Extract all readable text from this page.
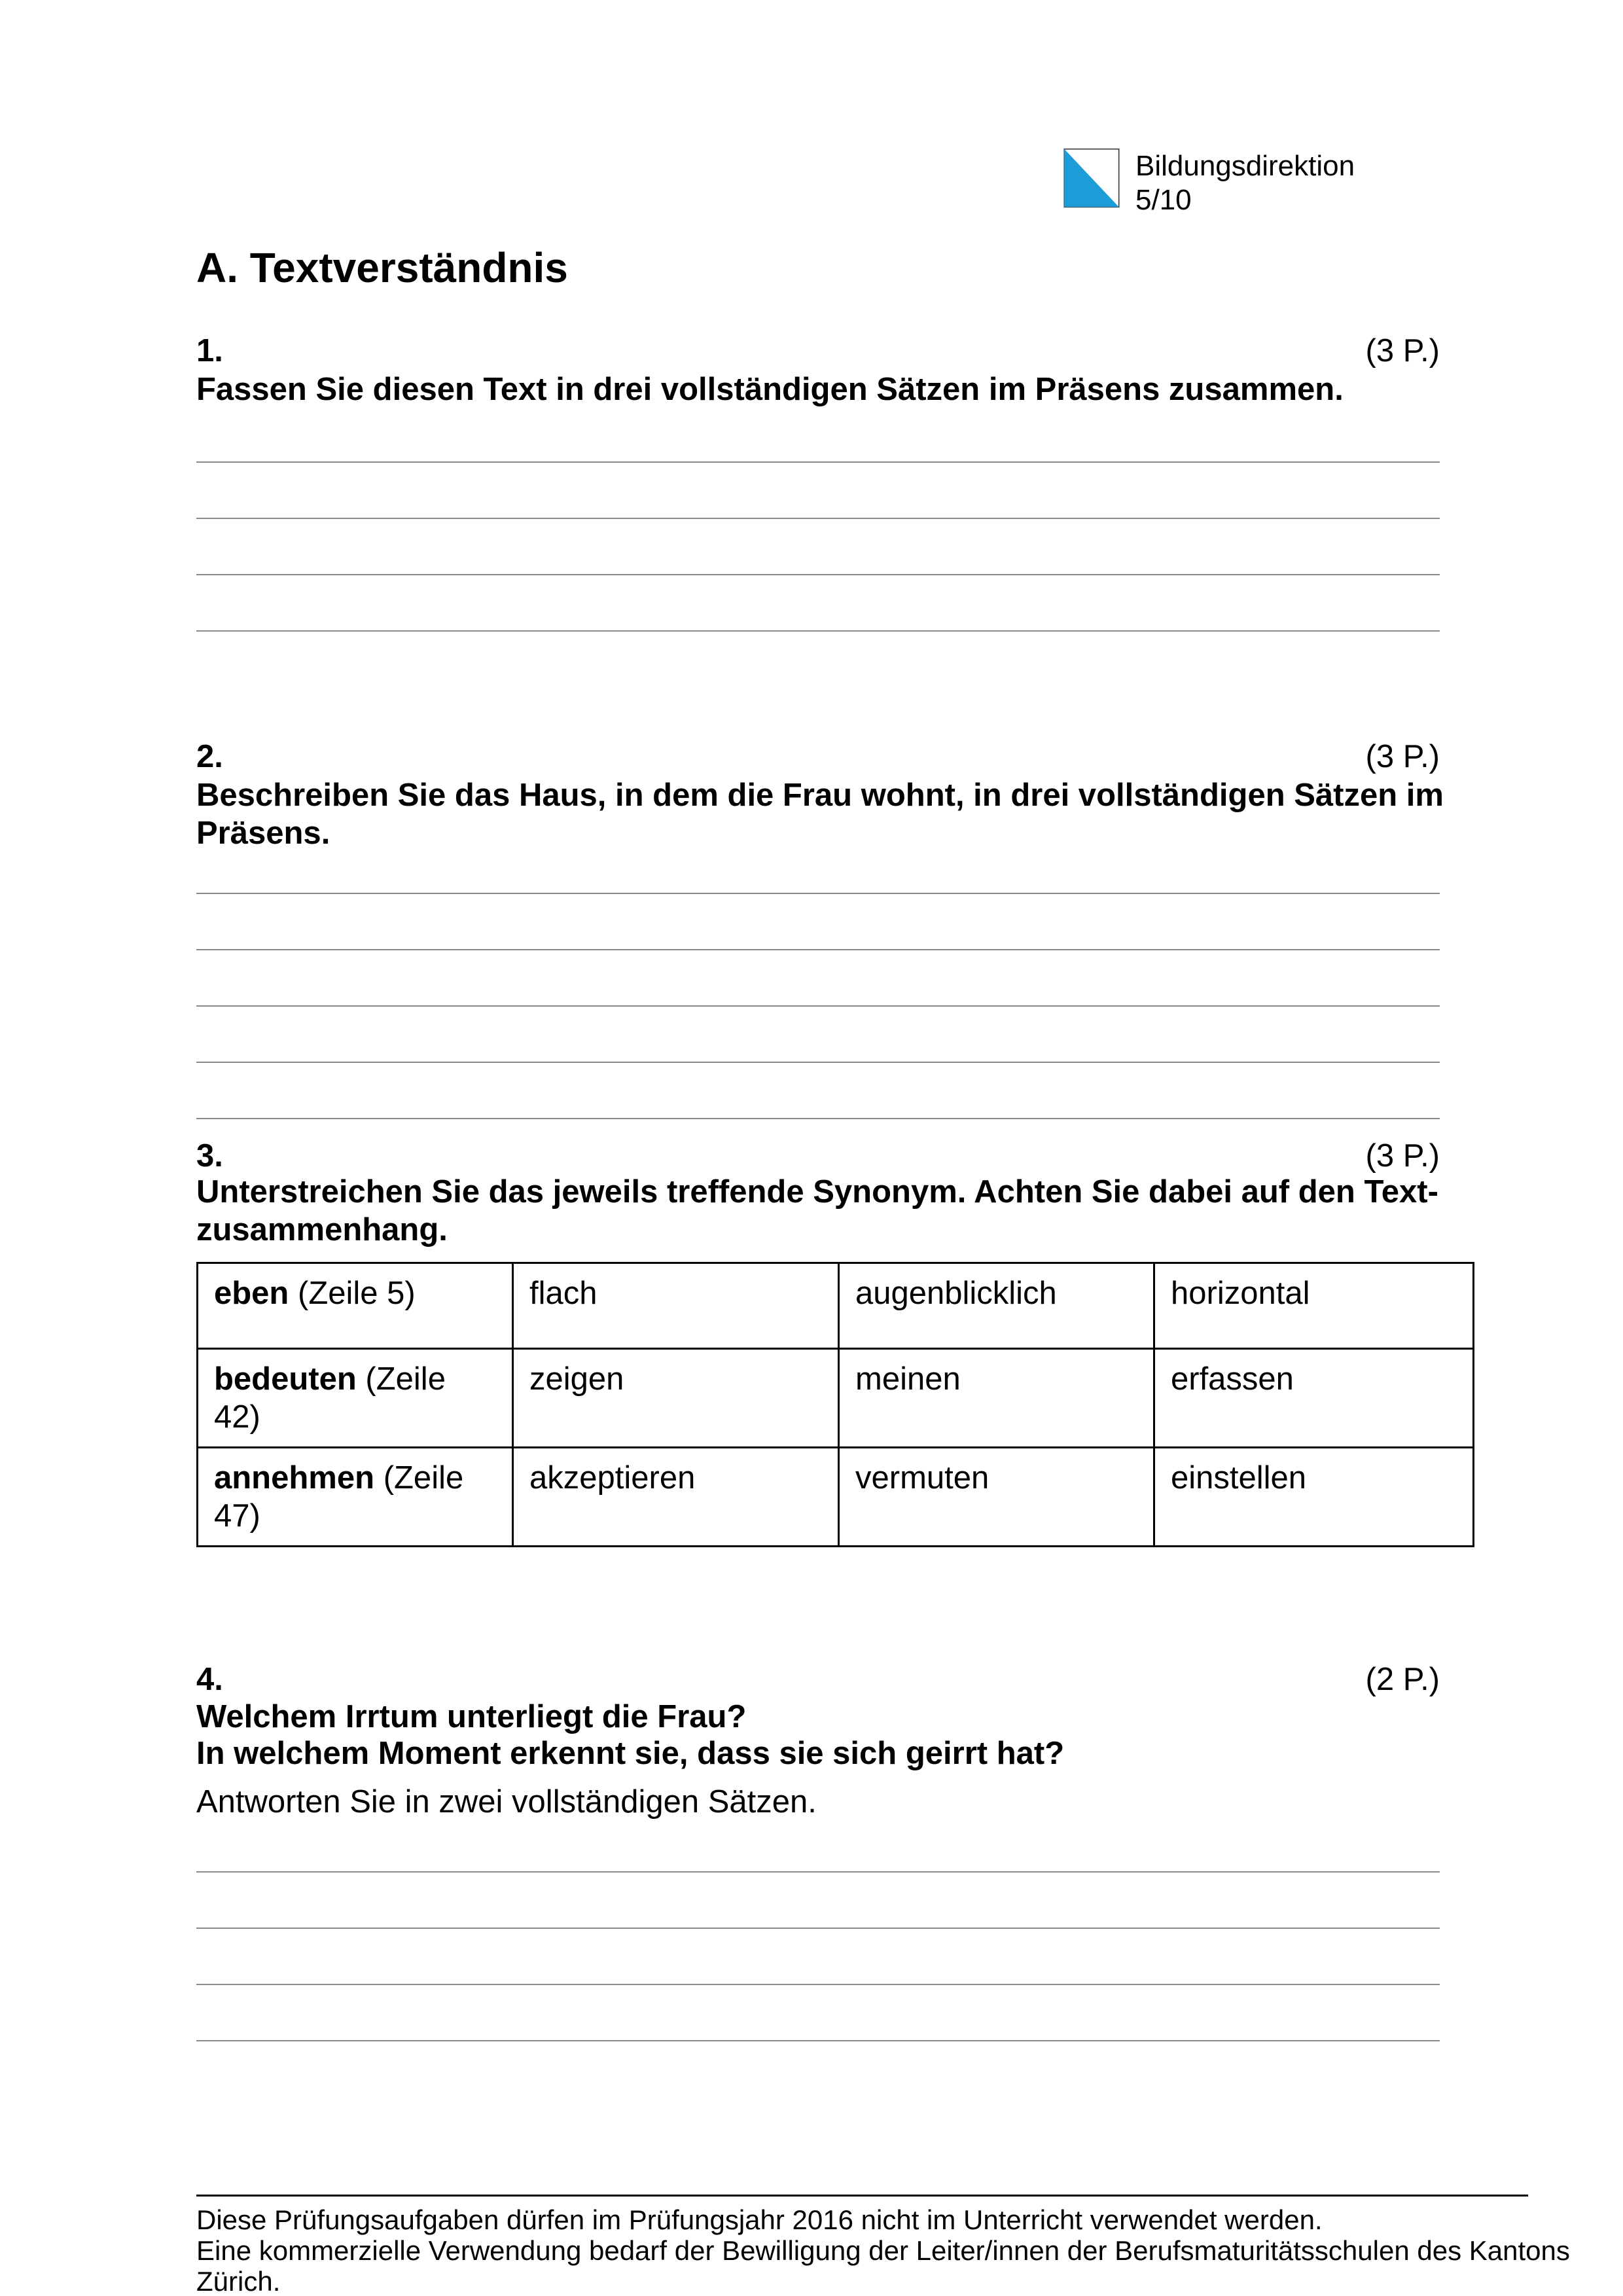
Bildungsdirektion
5/10
A. Textverständnis
1.	(3 P.)

Fassen Sie diesen Text in drei vollständigen Sätzen im Präsens zusammen.

2.	(3 P.)

Beschreiben Sie das Haus, in dem die Frau wohnt, in drei vollständigen Sätzen im Präsens.

3.	(3 P.)

Unterstreichen Sie das jeweils treffende Synonym. Achten Sie dabei auf den Text-zusammenhang.

eben (Zeile 5)	flach	augenblicklich	horizontal
bedeuten (Zeile 42)	zeigen	meinen	erfassen
annehmen (Zeile 47)	akzeptieren	vermuten	einstellen
4.	(2 P.)

Welchem Irrtum unterliegt die Frau?

In welchem Moment erkennt sie, dass sie sich geirrt hat?

Antworten Sie in zwei vollständigen Sätzen.

Diese Prüfungsaufgaben dürfen im Prüfungsjahr 2016 nicht im Unterricht verwendet werden.
Eine kommerzielle Verwendung bedarf der Bewilligung der Leiter/innen der Berufsmaturitätsschulen des Kantons Zürich.
